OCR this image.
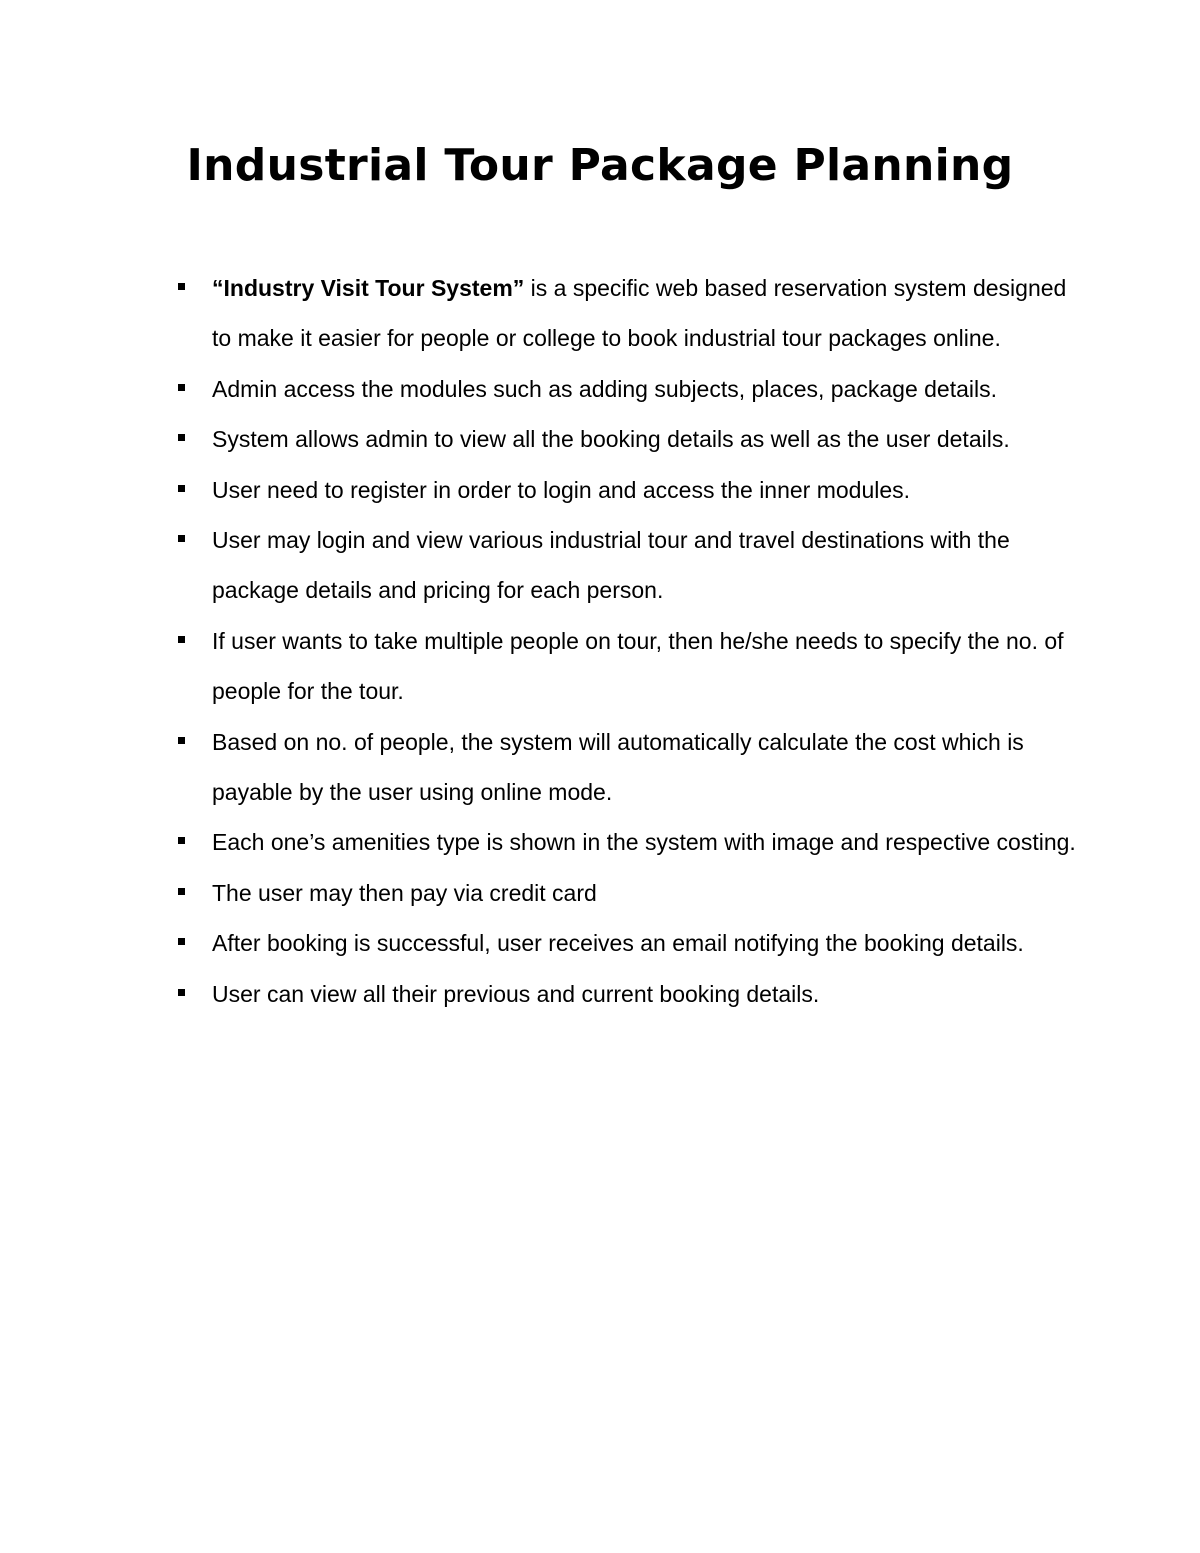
Industrial Tour Package Planning
“Industry Visit Tour System” is a specific web based reservation system designed to make it easier for people or college to book industrial tour packages online.
Admin access the modules such as adding subjects, places, package details.
System allows admin to view all the booking details as well as the user details.
User need to register in order to login and access the inner modules.
User may login and view various industrial tour and travel destinations with the package details and pricing for each person.
If user wants to take multiple people on tour, then he/she needs to specify the no. of people for the tour.
Based on no. of people, the system will automatically calculate the cost which is payable by the user using online mode.
Each one’s amenities type is shown in the system with image and respective costing.
The user may then pay via credit card
After booking is successful, user receives an email notifying the booking details.
User can view all their previous and current booking details.
